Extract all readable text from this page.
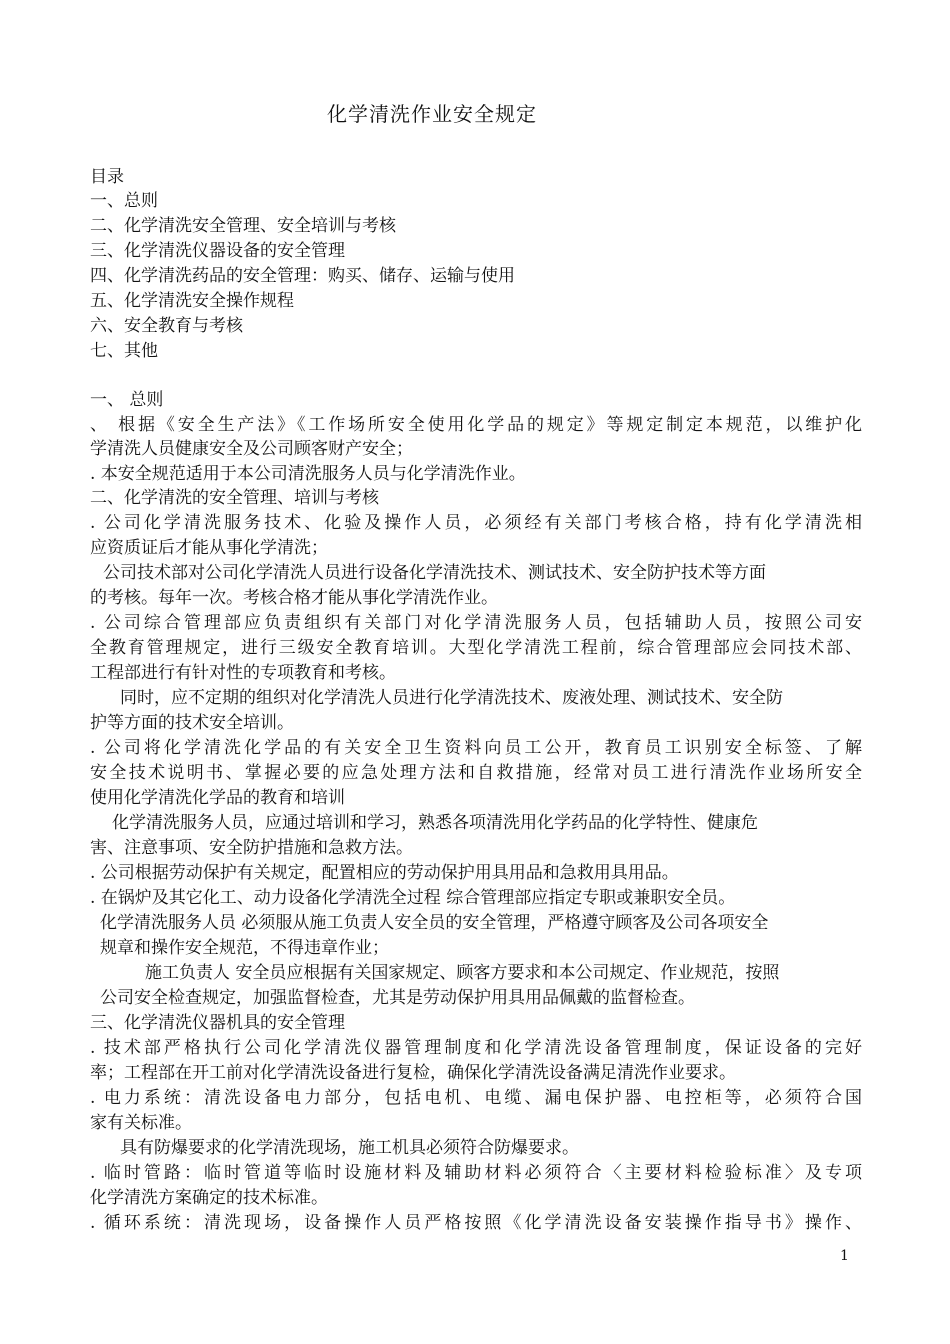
化学清洗作业安全规定
目录
一、总则
二、化学清洗安全管理、安全培训与考核
三、化学清洗仪器设备的安全管理
四、化学清洗药品的安全管理：购买、储存、运输与使用
五、化学清洗安全操作规程
六、安全教育与考核
七、其他
一、 总则
、 根据《安全生产法》《工作场所安全使用化学品的规定》等规定制定本规范，以维护化
学清洗人员健康安全及公司顾客财产安全；
. 本安全规范适用于本公司清洗服务人员与化学清洗作业。
二、化学清洗的安全管理、培训与考核
. 公司化学清洗服务技术、化验及操作人员，必须经有关部门考核合格，持有化学清洗相
应资质证后才能从事化学清洗；
公司技术部对公司化学清洗人员进行设备化学清洗技术、测试技术、安全防护技术等方面
的考核。每年一次。考核合格才能从事化学清洗作业。
. 公司综合管理部应负责组织有关部门对化学清洗服务人员，包括辅助人员，按照公司安
全教育管理规定，进行三级安全教育培训。大型化学清洗工程前，综合管理部应会同技术部、
工程部进行有针对性的专项教育和考核。
同时，应不定期的组织对化学清洗人员进行化学清洗技术、废液处理、测试技术、安全防
护等方面的技术安全培训。
. 公司将化学清洗化学品的有关安全卫生资料向员工公开，教育员工识别安全标签、了解
安全技术说明书、掌握必要的应急处理方法和自救措施，经常对员工进行清洗作业场所安全
使用化学清洗化学品的教育和培训
化学清洗服务人员，应通过培训和学习，熟悉各项清洗用化学药品的化学特性、健康危
害、注意事项、安全防护措施和急救方法。
. 公司根据劳动保护有关规定，配置相应的劳动保护用具用品和急救用具用品。
. 在锅炉及其它化工、动力设备化学清洗全过程 综合管理部应指定专职或兼职安全员。
化学清洗服务人员 必须服从施工负责人安全员的安全管理，严格遵守顾客及公司各项安全
规章和操作安全规范，不得违章作业；
施工负责人 安全员应根据有关国家规定、顾客方要求和本公司规定、作业规范，按照
公司安全检查规定，加强监督检查，尤其是劳动保护用具用品佩戴的监督检查。
三、化学清洗仪器机具的安全管理
. 技术部严格执行公司化学清洗仪器管理制度和化学清洗设备管理制度，保证设备的完好
率；工程部在开工前对化学清洗设备进行复检，确保化学清洗设备满足清洗作业要求。
. 电力系统：清洗设备电力部分，包括电机、电缆、漏电保护器、电控柜等，必须符合国
家有关标准。
具有防爆要求的化学清洗现场，施工机具必须符合防爆要求。
. 临时管路：临时管道等临时设施材料及辅助材料必须符合〈主要材料检验标准〉及专项
化学清洗方案确定的技术标准。
. 循环系统：清洗现场，设备操作人员严格按照《化学清洗设备安装操作指导书》操作、
1
